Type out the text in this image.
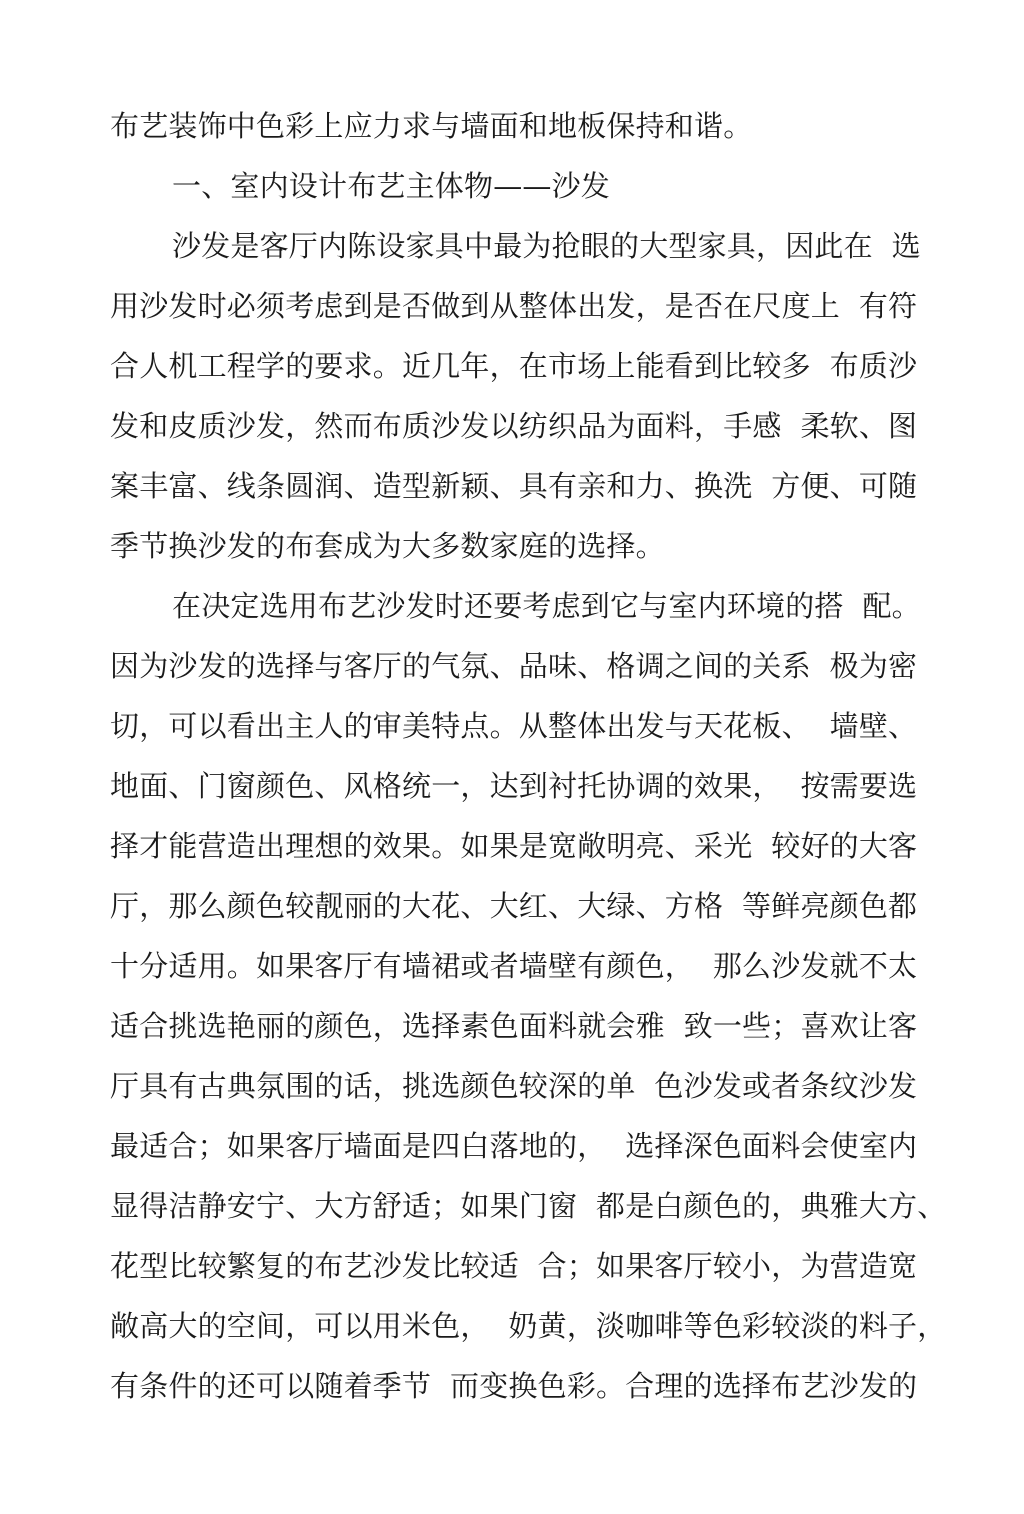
布艺装饰中色彩上应力求与墙面和地板保持和谐。
一、室内设计布艺主体物——沙发
沙发是客厅内陈设家具中最为抢眼的大型家具，因此在  选
用沙发时必须考虑到是否做到从整体出发，是否在尺度上  有符
合人机工程学的要求。近几年，在市场上能看到比较多  布质沙
发和皮质沙发，然而布质沙发以纺织品为面料，手感  柔软、图
案丰富、线条圆润、造型新颖、具有亲和力、换洗  方便、可随
季节换沙发的布套成为大多数家庭的选择。
在决定选用布艺沙发时还要考虑到它与室内环境的搭  配。
因为沙发的选择与客厅的气氛、品味、格调之间的关系  极为密
切，可以看出主人的审美特点。从整体出发与天花板、  墙壁、
地面、门窗颜色、风格统一，达到衬托协调的效果，  按需要选
择才能营造出理想的效果。如果是宽敞明亮、采光  较好的大客
厅，那么颜色较靓丽的大花、大红、大绿、方格  等鲜亮颜色都
十分适用。如果客厅有墙裙或者墙壁有颜色，  那么沙发就不太
适合挑选艳丽的颜色，选择素色面料就会雅  致一些；喜欢让客
厅具有古典氛围的话，挑选颜色较深的单  色沙发或者条纹沙发
最适合；如果客厅墙面是四白落地的，  选择深色面料会使室内
显得洁静安宁、大方舒适；如果门窗  都是白颜色的，典雅大方、
花型比较繁复的布艺沙发比较适  合；如果客厅较小，为营造宽
敞高大的空间，可以用米色，  奶黄，淡咖啡等色彩较淡的料子，
有条件的还可以随着季节  而变换色彩。合理的选择布艺沙发的
